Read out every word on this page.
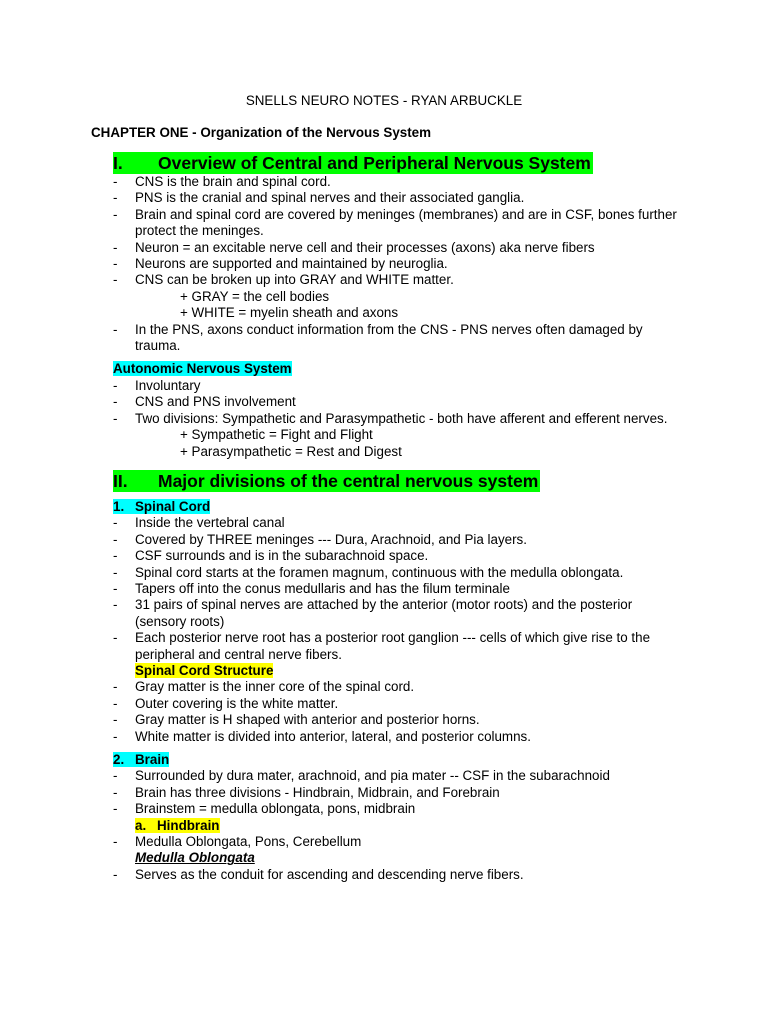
SNELLS NEURO NOTES - RYAN ARBUCKLE
CHAPTER ONE - Organization of the Nervous System
I. Overview of Central and Peripheral Nervous System
-	CNS is the brain and spinal cord.
-	PNS is the cranial and spinal nerves and their associated ganglia.
-	Brain and spinal cord are covered by meninges (membranes) and are in CSF, bones further protect the meninges.
-	Neuron = an excitable nerve cell and their processes (axons) aka nerve fibers
-	Neurons are supported and maintained by neuroglia.
-	CNS can be broken up into GRAY and WHITE matter.
+ GRAY = the cell bodies
+ WHITE = myelin sheath and axons
-	In the PNS, axons conduct information from the CNS - PNS nerves often damaged by trauma.
Autonomic Nervous System
-	Involuntary
-	CNS and PNS involvement
-	Two divisions: Sympathetic and Parasympathetic - both have afferent and efferent nerves.
+ Sympathetic = Fight and Flight
+ Parasympathetic = Rest and Digest
II. Major divisions of the central nervous system
1. Spinal Cord
-	Inside the vertebral canal
-	Covered by THREE meninges --- Dura, Arachnoid, and Pia layers.
-	CSF surrounds and is in the subarachnoid space.
-	Spinal cord starts at the foramen magnum, continuous with the medulla oblongata.
-	Tapers off into the conus medullaris and has the filum terminale
-	31 pairs of spinal nerves are attached by the anterior (motor roots) and the posterior (sensory roots)
-	Each posterior nerve root has a posterior root ganglion --- cells of which give rise to the peripheral and central nerve fibers.
Spinal Cord Structure
-	Gray matter is the inner core of the spinal cord.
-	Outer covering is the white matter.
-	Gray matter is H shaped with anterior and posterior horns.
-	White matter is divided into anterior, lateral, and posterior columns.
2. Brain
-	Surrounded by dura mater, arachnoid, and pia mater -- CSF in the subarachnoid
-	Brain has three divisions - Hindbrain, Midbrain, and Forebrain
-	Brainstem = medulla oblongata, pons, midbrain
a. Hindbrain
-	Medulla Oblongata, Pons, Cerebellum
Medulla Oblongata
-	Serves as the conduit for ascending and descending nerve fibers.
